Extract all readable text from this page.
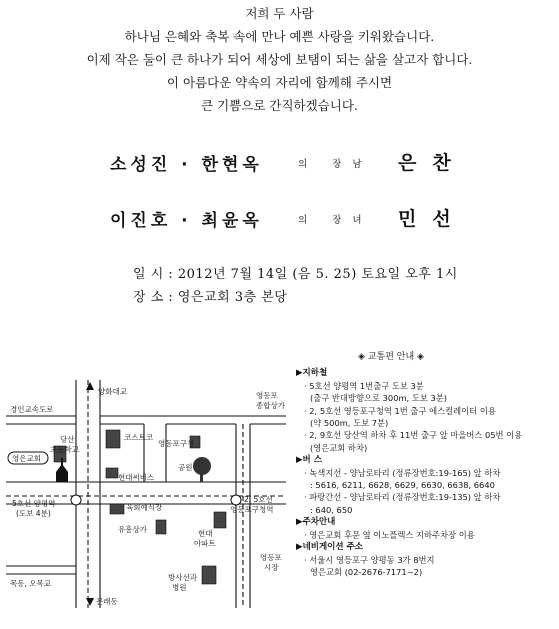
저희 두 사람
하나님 은혜와 축복 속에 만나 예쁜 사랑을 키워왔습니다.
이제 작은 둘이 큰 하나가 되어 세상에 보탬이 되는 삶을 살고자 합니다.
이 아름다운 약속의 자리에 함께해 주시면
큰 기쁨으로 간직하겠습니다.
소성진 · 한현옥	의 장남 은찬
이진호 · 최윤옥	의 장녀 민선
일 시 : 2012년 7월 14일 (음 5. 25) 토요일 오후 1시
장 소 : 영은교회 3층 본당
양화대교
경인교속도로
당산
초등학교
코스트코
영등포구청
영등포
종합상가
영은교회
현대써비스
공원
5호선 양평역
(도보 4분)
2, 5호선
영등포구청역
육회예식장
현대
아파트
유흥상가
목동, 오목교
문래동
방사선과
병원
영등포
시장
◈ 교통편 안내 ◈
▶지하철
· 5호선 양평역 1번출구 도보 3분
(출구 반대방향으로 300m, 도보 3분)
· 2, 5호선 영등포구청역 1번 출구 에스컬레이터 이용
(약 500m, 도보 7분)
· 2, 9호선 당산역 하차 후 11번 출구 앞 마을버스 05번 이용
(영은교회 하차)
▶버 스
· 녹색지선 - 양남로타리 (정류장번호:19-165) 앞 하차
: 5616, 6211, 6628, 6629, 6630, 6638, 6640
· 파랑간선 - 양남로타리 (정류장번호:19-135) 앞 하차
: 640, 650
▶주차안내
· 영은교회 후문 옆 이노플렉스 지하주차장 이용
▶네비게이션 주소
· 서울시 영등포구 양평동 3가 8번지
영은교회 (02-2676-7171~2)
